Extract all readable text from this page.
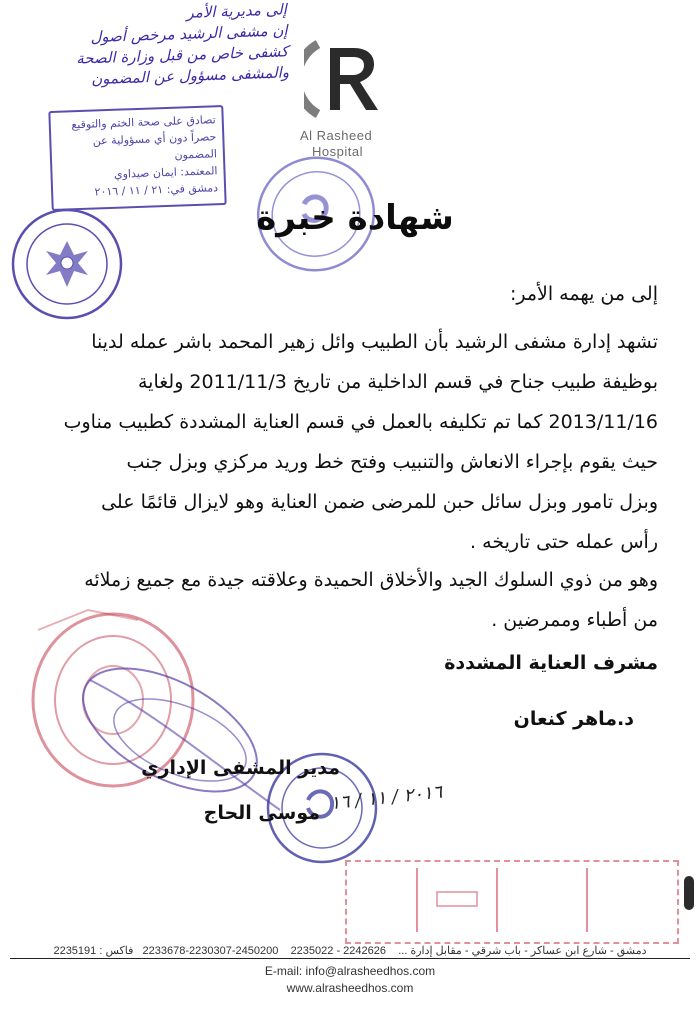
إلى مديرية الأمر
إن مشفى الرشيد مرخص أصول
كشفى خاص من قبل وزارة الصحة
والمشفى مسؤول عن المضمون
تصادق على صحة الختم والتوقيع
حصراً دون أي مسؤولية عن المضمون
المعتمد: ايمان صيداوي
دمشق في: ٢١ / ١١ / ٢٠١٦
Al Rasheed
Hospital
شهادة خبرة
إلى من يهمه الأمر:
تشهد إدارة مشفى الرشيد بأن الطبيب وائل زهير المحمد باشر عمله لدينا
بوظيفة طبيب جناح في قسم الداخلية من تاريخ 2011/11/3 ولغاية
2013/11/16 كما تم تكليفه بالعمل في قسم العناية المشددة كطبيب مناوب
حيث يقوم بإجراء الانعاش والتنبيب وفتح خط وريد مركزي وبزل جنب
وبزل تامور وبزل سائل حبن للمرضى ضمن العناية وهو لايزال قائمًا على
رأس عمله حتى تاريخه .
وهو من ذوي السلوك الجيد والأخلاق الحميدة وعلاقته جيدة مع جميع زملائه
من أطباء وممرضين .
مشرف العناية المشددة
د.ماهر كنعان
مدير المشفى الإداري
موسى الحاج ٢٠١٦ / ١١ / ١٦
دمشق - شارع ابن عساكر - باب شرقي - مقابل إدارة ...    2242626 - 2235022    2450200-2230307-2233678   فاكس : 2235191
E-mail: info@alrasheedhos.com
www.alrasheedhos.com
